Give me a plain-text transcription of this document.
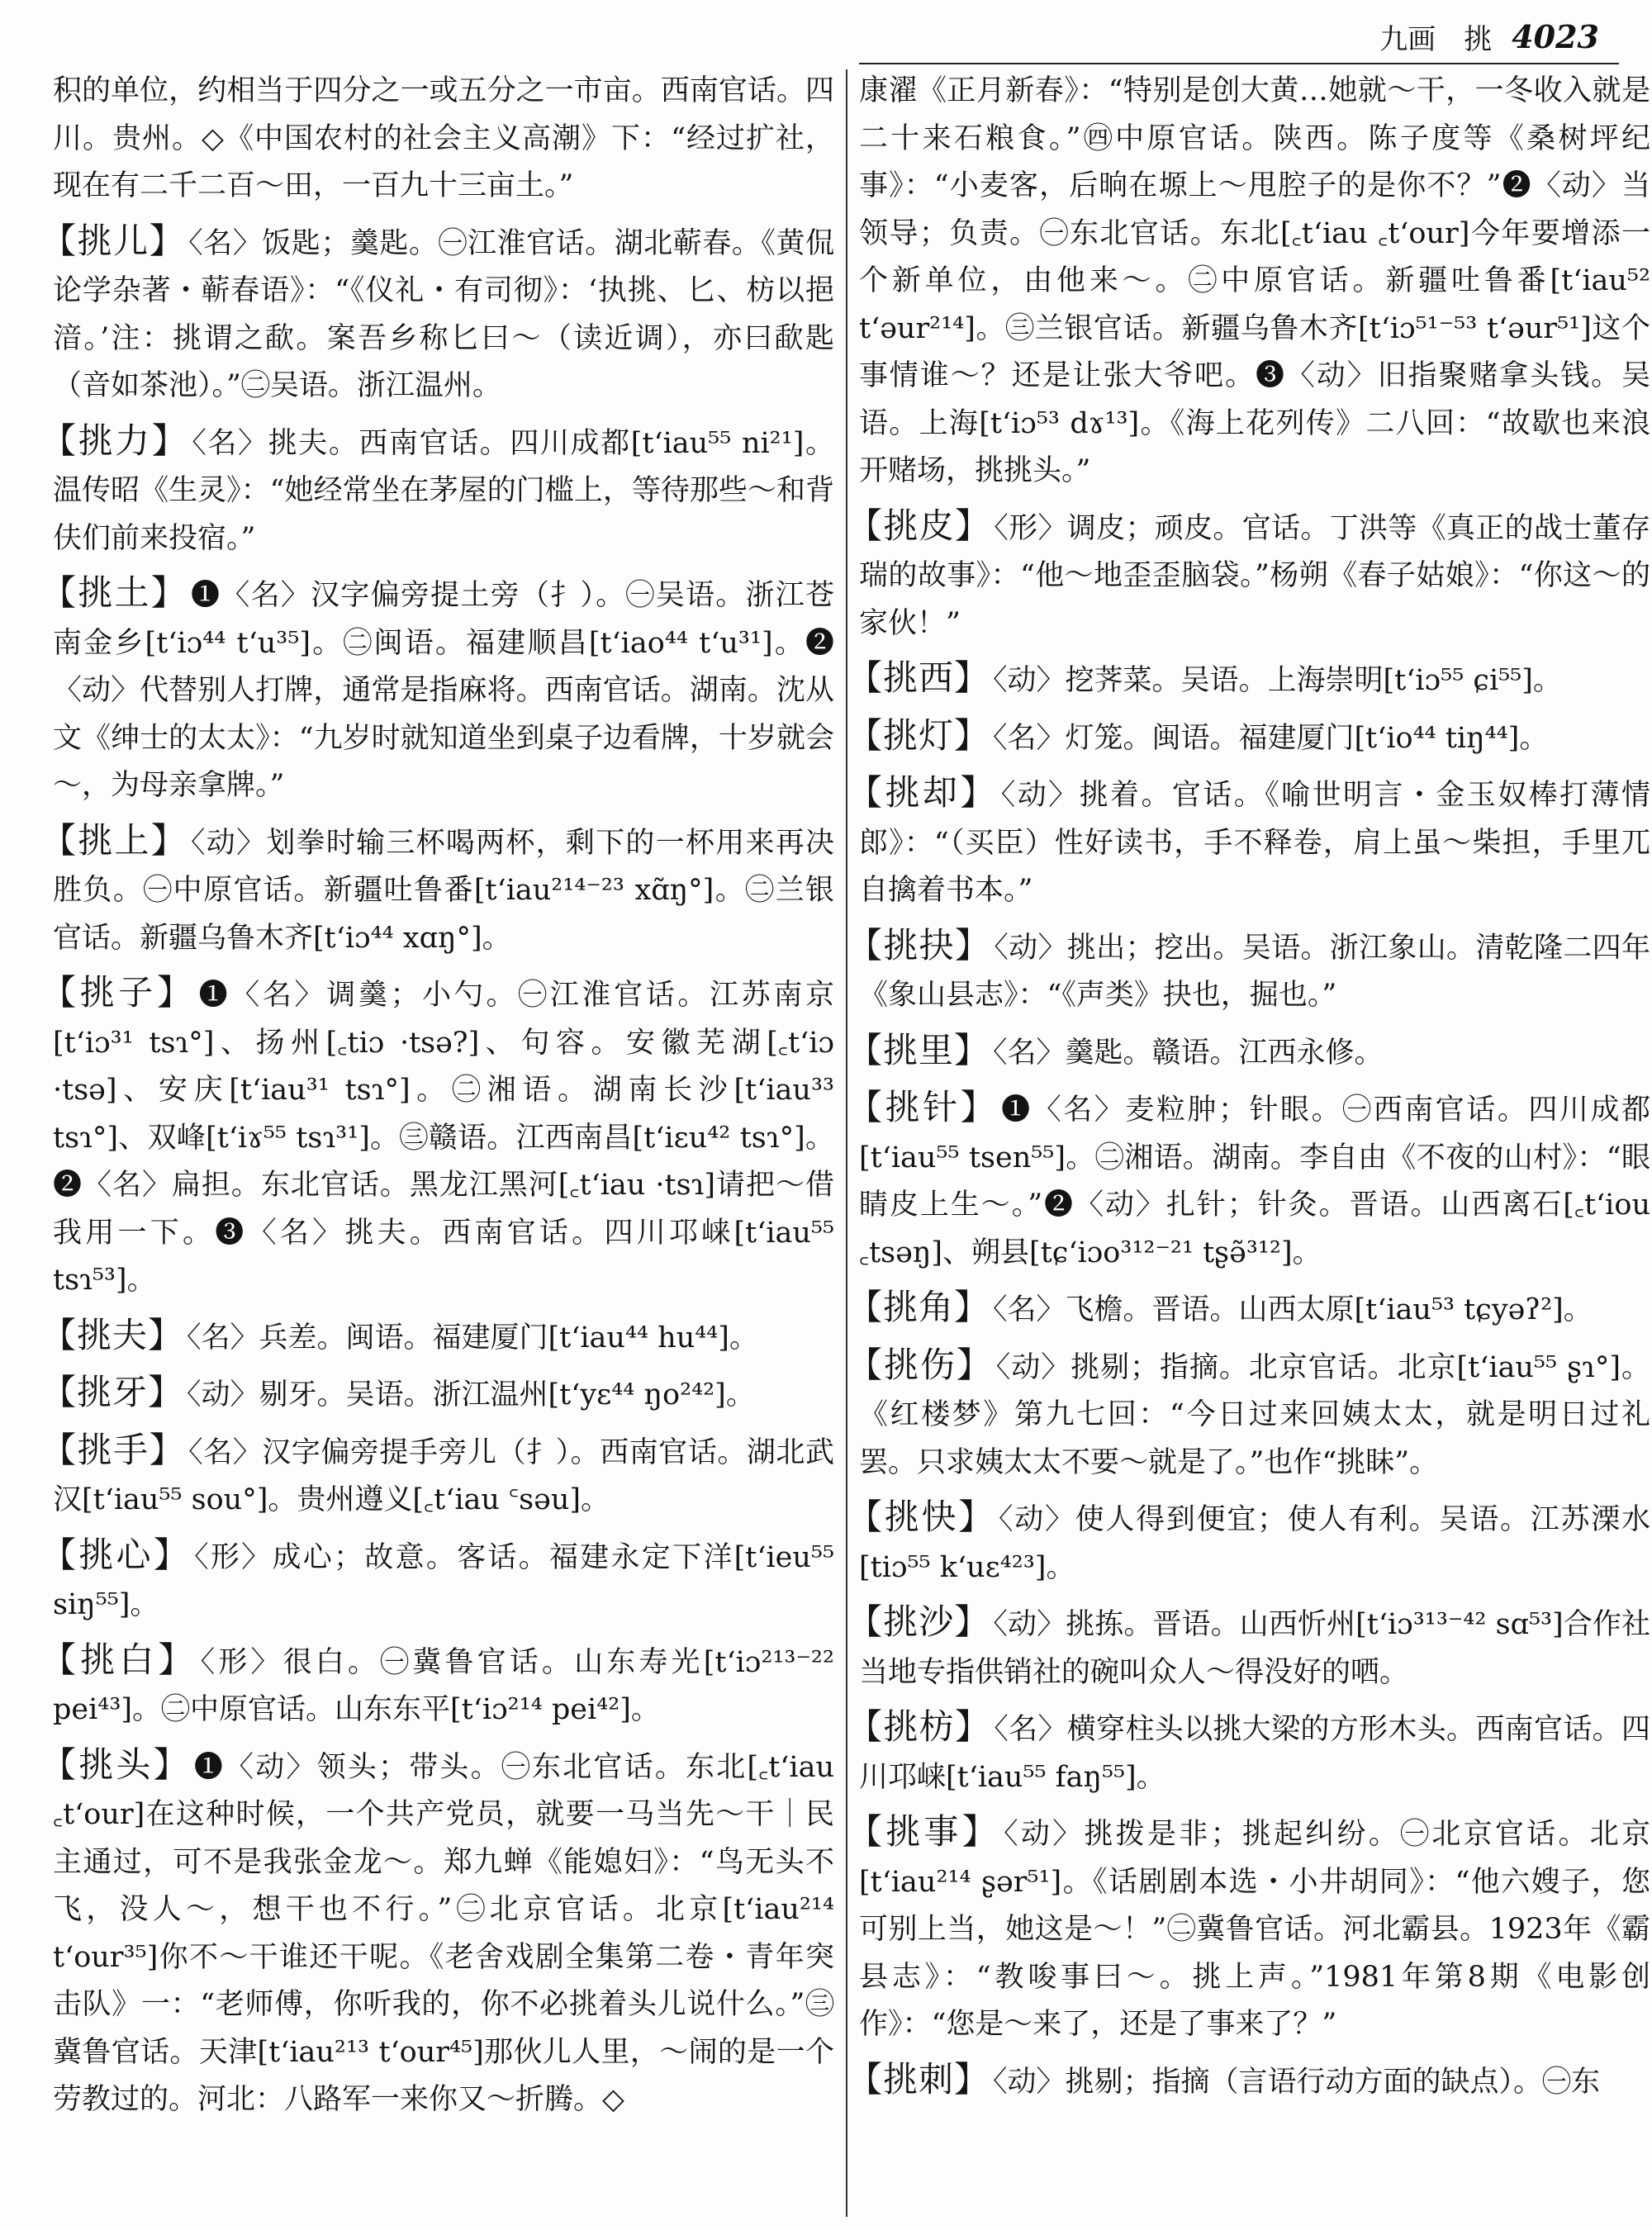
九画　挑 4023

积的单位，约相当于四分之一或五分之一市亩。西南官话。四川。贵州。◇《中国农村的社会主义高潮》下：“经过扩社，现在有二千二百～田，一百九十三亩土。”

【挑儿】 〈名〉饭匙；羹匙。㊀江淮官话。湖北蕲春。《黄侃论学杂著・蕲春语》：“《仪礼・有司彻》：‘执挑、匕、枋以挹湆。’注：挑谓之歃。案吾乡称匕曰～（读近调），亦曰歃匙（音如茶池）。”㊁吴语。浙江温州。

【挑力】 〈名〉挑夫。西南官话。四川成都[tʻiau⁵⁵ ni²¹]。温传昭《生灵》：“她经常坐在茅屋的门槛上，等待那些～和背伕们前来投宿。”

【挑土】 ❶〈名〉汉字偏旁提土旁（扌）。㊀吴语。浙江苍南金乡[tʻiɔ⁴⁴ tʻu³⁵]。㊁闽语。福建顺昌[tʻiao⁴⁴ tʻu³¹]。❷〈动〉代替别人打牌，通常是指麻将。西南官话。湖南。沈从文《绅士的太太》：“九岁时就知道坐到桌子边看牌，十岁就会～，为母亲拿牌。”

【挑上】 〈动〉划拳时输三杯喝两杯，剩下的一杯用来再决胜负。㊀中原官话。新疆吐鲁番[tʻiau²¹⁴⁻²³ xɑ̃ŋ°]。㊁兰银官话。新疆乌鲁木齐[tʻiɔ⁴⁴ xɑŋ°]。

【挑子】 ❶〈名〉调羹；小勺。㊀江淮官话。江苏南京[tʻiɔ³¹ tsɿ°]、扬州[꜀tiɔ ·tsə?]、句容。安徽芜湖[꜀tʻiɔ ·tsə]、安庆[tʻiau³¹ tsɿ°]。㊁湘语。湖南长沙[tʻiau³³ tsɿ°]、双峰[tʻiɤ⁵⁵ tsɿ³¹]。㊂赣语。江西南昌[tʻiɛu⁴² tsɿ°]。❷〈名〉扁担。东北官话。黑龙江黑河[꜀tʻiau ·tsɿ]请把～借我用一下。❸〈名〉挑夫。西南官话。四川邛崃[tʻiau⁵⁵ tsɿ⁵³]。

【挑夫】 〈名〉兵差。闽语。福建厦门[tʻiau⁴⁴ hu⁴⁴]。

【挑牙】 〈动〉剔牙。吴语。浙江温州[tʻyɛ⁴⁴ ŋo²⁴²]。

【挑手】 〈名〉汉字偏旁提手旁儿（扌）。西南官话。湖北武汉[tʻiau⁵⁵ sou°]。贵州遵义[꜀tʻiau ꜂səu]。

【挑心】 〈形〉成心；故意。客话。福建永定下洋[tʻieu⁵⁵ siŋ⁵⁵]。

【挑白】 〈形〉很白。㊀冀鲁官话。山东寿光[tʻiɔ²¹³⁻²² pei⁴³]。㊁中原官话。山东东平[tʻiɔ²¹⁴ pei⁴²]。

【挑头】 ❶〈动〉领头；带头。㊀东北官话。东北[꜀tʻiau ꜀tʻour]在这种时候，一个共产党员，就要一马当先～干｜民主通过，可不是我张金龙～。郑九蝉《能媳妇》：“鸟无头不飞，没人～，想干也不行。”㊁北京官话。北京[tʻiau²¹⁴ tʻour³⁵]你不～干谁还干呢。《老舍戏剧全集第二卷・青年突击队》一：“老师傅，你听我的，你不必挑着头儿说什么。”㊂冀鲁官话。天津[tʻiau²¹³ tʻour⁴⁵]那伙儿人里，～闹的是一个劳教过的。河北：八路军一来你又～折腾。◇

康濯《正月新春》：“特别是创大黄…她就～干，一冬收入就是二十来石粮食。”㊃中原官话。陕西。陈子度等《桑树坪纪事》：“小麦客，后晌在塬上～甩腔子的是你不？”❷〈动〉当领导；负责。㊀东北官话。东北[꜀tʻiau ꜀tʻour]今年要增添一个新单位，由他来～。㊁中原官话。新疆吐鲁番[tʻiau⁵² tʻəur²¹⁴]。㊂兰银官话。新疆乌鲁木齐[tʻiɔ⁵¹⁻⁵³ tʻəur⁵¹]这个事情谁～？还是让张大爷吧。❸〈动〉旧指聚赌拿头钱。吴语。上海[tʻiɔ⁵³ dɤ¹³]。《海上花列传》二八回：“故歇也来浪开赌场，挑挑头。”

【挑皮】 〈形〉调皮；顽皮。官话。丁洪等《真正的战士董存瑞的故事》：“他～地歪歪脑袋。”杨朔《春子姑娘》：“你这～的家伙！”

【挑西】 〈动〉挖荠菜。吴语。上海崇明[tʻiɔ⁵⁵ ɕi⁵⁵]。

【挑灯】 〈名〉灯笼。闽语。福建厦门[tʻio⁴⁴ tiŋ⁴⁴]。

【挑却】 〈动〉挑着。官话。《喻世明言・金玉奴棒打薄情郎》：“（买臣）性好读书，手不释卷，肩上虽～柴担，手里兀自擒着书本。”

【挑抉】 〈动〉挑出；挖出。吴语。浙江象山。清乾隆二四年《象山县志》：“《声类》抉也，掘也。”

【挑里】 〈名〉羹匙。赣语。江西永修。

【挑针】 ❶〈名〉麦粒肿；针眼。㊀西南官话。四川成都[tʻiau⁵⁵ tsen⁵⁵]。㊁湘语。湖南。李自由《不夜的山村》：“眼睛皮上生～。”❷〈动〉扎针；针灸。晋语。山西离石[꜀tʻiou ꜀tsəŋ]、朔县[tɕʻiɔo³¹²⁻²¹ tʂə̃³¹²]。

【挑角】 〈名〉飞檐。晋语。山西太原[tʻiau⁵³ tɕyəʔ²]。

【挑伤】 〈动〉挑剔；指摘。北京官话。北京[tʻiau⁵⁵ ʂɿ°]。《红楼梦》第九七回：“今日过来回姨太太，就是明日过礼罢。只求姨太太不要～就是了。”也作“挑眛”。

【挑快】 〈动〉使人得到便宜；使人有利。吴语。江苏溧水[tiɔ⁵⁵ kʻuɛ⁴²³]。

【挑沙】 〈动〉挑拣。晋语。山西忻州[tʻiɔ³¹³⁻⁴² sɑ⁵³]合作社当地专指供销社的碗叫众人～得没好的哂。

【挑枋】 〈名〉横穿柱头以挑大梁的方形木头。西南官话。四川邛崃[tʻiau⁵⁵ faŋ⁵⁵]。

【挑事】 〈动〉挑拨是非；挑起纠纷。㊀北京官话。北京[tʻiau²¹⁴ ʂər⁵¹]。《话剧剧本选・小井胡同》：“他六嫂子，您可别上当，她这是～！”㊁冀鲁官话。河北霸县。1923年《霸县志》：“教唆事曰～。挑上声。”1981年第8期《电影创作》：“您是～来了，还是了事来了？”

【挑刺】 〈动〉挑剔；指摘（言语行动方面的缺点）。㊀东
